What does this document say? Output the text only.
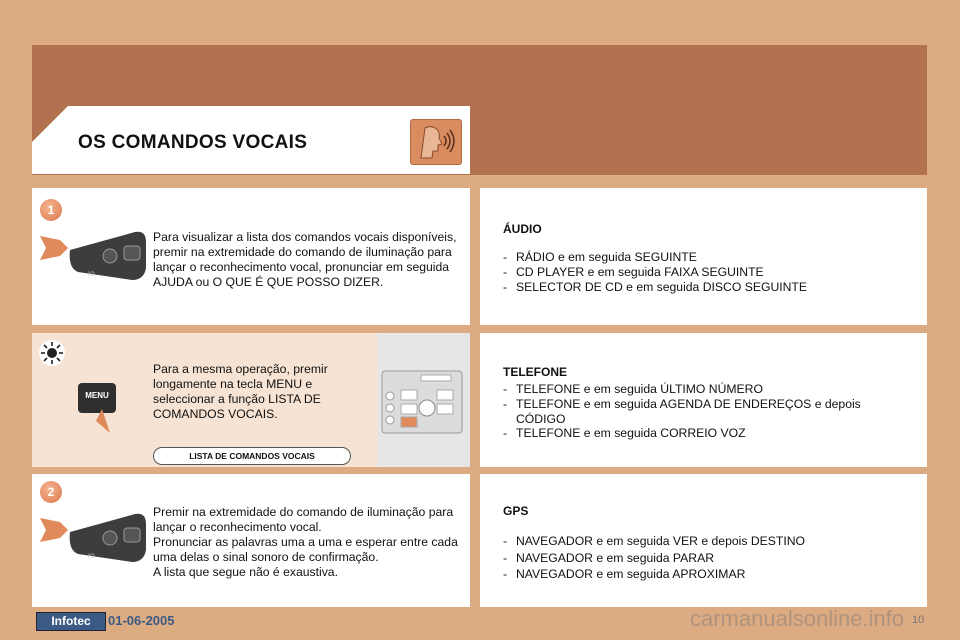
OS COMANDOS VOCAIS
1
|O
Para visualizar a lista dos comandos vocais disponíveis,
premir na extremidade do comando de iluminação para
lançar o reconhecimento vocal, pronunciar em seguida
AJUDA ou O QUE É QUE POSSO DIZER.
MENU
Para a mesma operação, premir
longamente na tecla MENU e
seleccionar a função LISTA DE
COMANDOS VOCAIS.
LISTA DE COMANDOS VOCAIS
2
|O
Premir na extremidade do comando de iluminação para
lançar o reconhecimento vocal.
Pronunciar as palavras uma a uma e esperar entre cada
uma delas o sinal sonoro de confirmação.
A lista que segue não é exaustiva.
ÁUDIO
- RÁDIO e em seguida SEGUINTE
- CD PLAYER e em seguida FAIXA SEGUINTE
- SELECTOR DE CD e em seguida DISCO SEGUINTE
TELEFONE
- TELEFONE e em seguida ÚLTIMO NÚMERO
- TELEFONE e em seguida AGENDA DE ENDEREÇOS e depois CÓDIGO
- TELEFONE e em seguida CORREIO VOZ
GPS
- NAVEGADOR e em seguida VER e depois DESTINO
- NAVEGADOR e em seguida PARAR
- NAVEGADOR e em seguida APROXIMAR
Infotec	01-06-2005	carmanualsonline.info 10
